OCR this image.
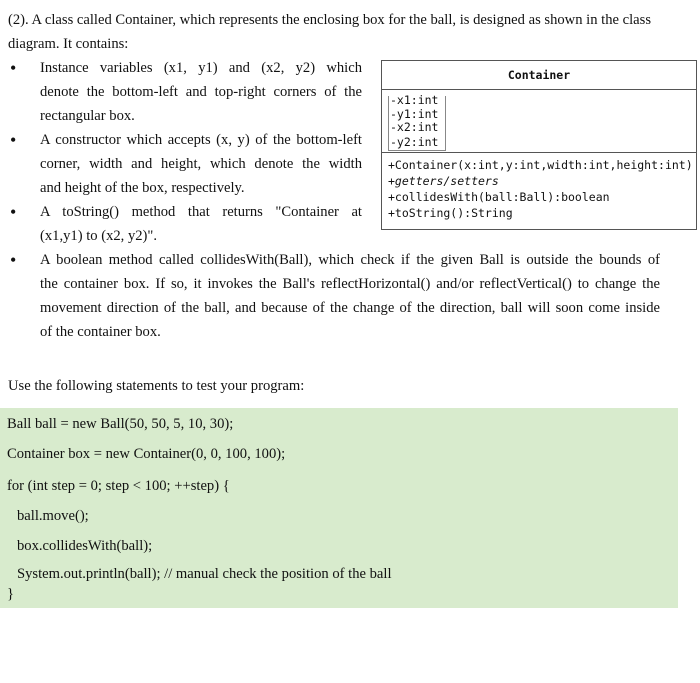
(2). A class called Container, which represents the enclosing box for the ball, is designed as shown in the class diagram. It contains:
• Instance variables (x1, y1) and (x2, y2) which
denote the bottom-left and top-right corners of the
rectangular box.
• A constructor which accepts (x, y) of the bottom-left
corner, width and height, which denote the width
and height of the box, respectively.
• A toString() method that returns "Container at
(x1,y1) to (x2, y2)".
• A boolean method called collidesWith(Ball), which check if the given Ball is outside the bounds of
the container box. If so, it invokes the Ball's reflectHorizontal() and/or reflectVertical() to change the
movement direction of the ball, and because of the change of the direction, ball will soon come inside
of the container box.
Container
-x1:int
-y1:int
-x2:int
-y2:int
+Container(x:int,y:int,width:int,height:int)
+getters/setters
+collidesWith(ball:Ball):boolean
+toString():String
Use the following statements to test your program:
Ball ball = new Ball(50, 50, 5, 10, 30);
Container box = new Container(0, 0, 100, 100);
for (int step = 0; step < 100; ++step) {
ball.move();
box.collidesWith(ball);
System.out.println(ball); // manual check the position of the ball
}
